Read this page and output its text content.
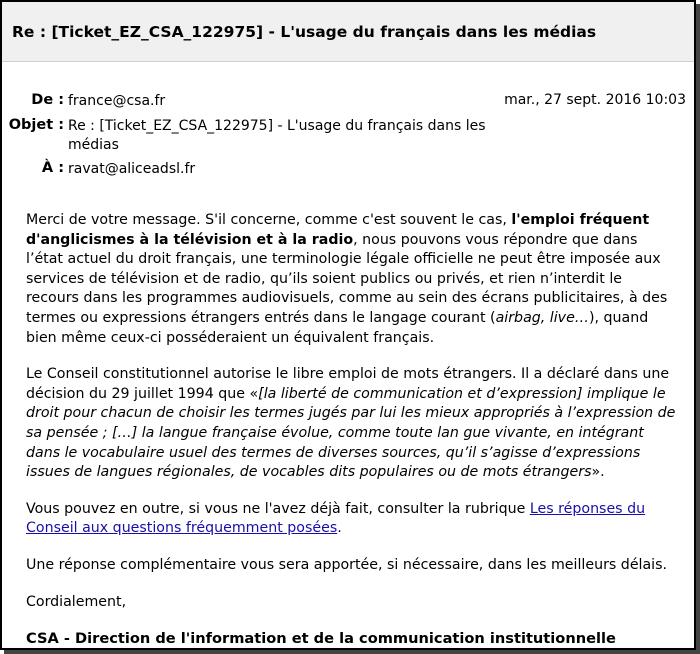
Re : [Ticket_EZ_CSA_122975] - L'usage du français dans les médias
De : france@csa.fr	mar., 27 sept. 2016 10:03
Objet : Re : [Ticket_EZ_CSA_122975] - L'usage du français dans les
médias
À : ravat@aliceadsl.fr

Merci de votre message. S'il concerne, comme c'est souvent le cas, l'emploi fréquent d'anglicismes à la télévision et à la radio, nous pouvons vous répondre que dans l’état actuel du droit français, une terminologie légale officielle ne peut être imposée aux services de télévision et de radio, qu’ils soient publics ou privés, et rien n’interdit le recours dans les programmes audiovisuels, comme au sein des écrans publicitaires, à des termes ou expressions étrangers entrés dans le langage courant (airbag, live…), quand bien même ceux-ci posséderaient un équivalent français.

Le Conseil constitutionnel autorise le libre emploi de mots étrangers. Il a déclaré dans une décision du 29 juillet 1994 que «[la liberté de communication et d’expression] implique le droit pour chacun de choisir les termes jugés par lui les mieux appropriés à l’expression de sa pensée ; […] la langue française évolue, comme toute lan gue vivante, en intégrant dans le vocabulaire usuel des termes de diverses sources, qu’il s’agisse d’expressions issues de langues régionales, de vocables dits populaires ou de mots étrangers».

Vous pouvez en outre, si vous ne l'avez déjà fait, consulter la rubrique Les réponses du Conseil aux questions fréquemment posées.

Une réponse complémentaire vous sera apportée, si nécessaire, dans les meilleurs délais.

Cordialement,

CSA - Direction de l'information et de la communication institutionnelle
